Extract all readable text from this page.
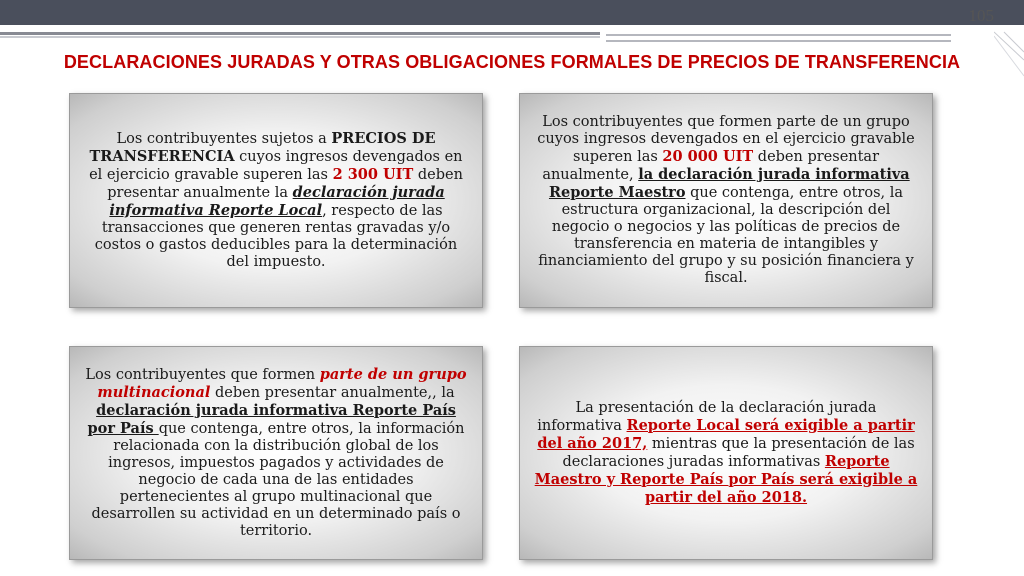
105
DECLARACIONES JURADAS Y OTRAS OBLIGACIONES FORMALES DE PRECIOS DE TRANSFERENCIA

Los contribuyentes sujetos a PRECIOS DE TRANSFERENCIA cuyos ingresos devengados en el ejercicio gravable superen las 2 300 UIT deben presentar anualmente la declaración jurada informativa Reporte Local, respecto de las transacciones que generen rentas gravadas y/o costos o gastos deducibles para la determinación del impuesto.

Los contribuyentes que formen parte de un grupo cuyos ingresos devengados en el ejercicio gravable superen las 20 000 UIT deben presentar anualmente, la declaración jurada informativa Reporte Maestro que contenga, entre otros, la estructura organizacional, la descripción del negocio o negocios y las políticas de precios de transferencia en materia de intangibles y financiamiento del grupo y su posición financiera y fiscal.

Los contribuyentes que formen parte de un grupo multinacional deben presentar anualmente,, la declaración jurada informativa Reporte País por País que contenga, entre otros, la información relacionada con la distribución global de los ingresos, impuestos pagados y actividades de negocio de cada una de las entidades pertenecientes al grupo multinacional que desarrollen su actividad en un determinado país o territorio.

La presentación de la declaración jurada informativa Reporte Local será exigible a partir del año 2017, mientras que la presentación de las declaraciones juradas informativas Reporte Maestro y Reporte País por País será exigible a partir del año 2018.
